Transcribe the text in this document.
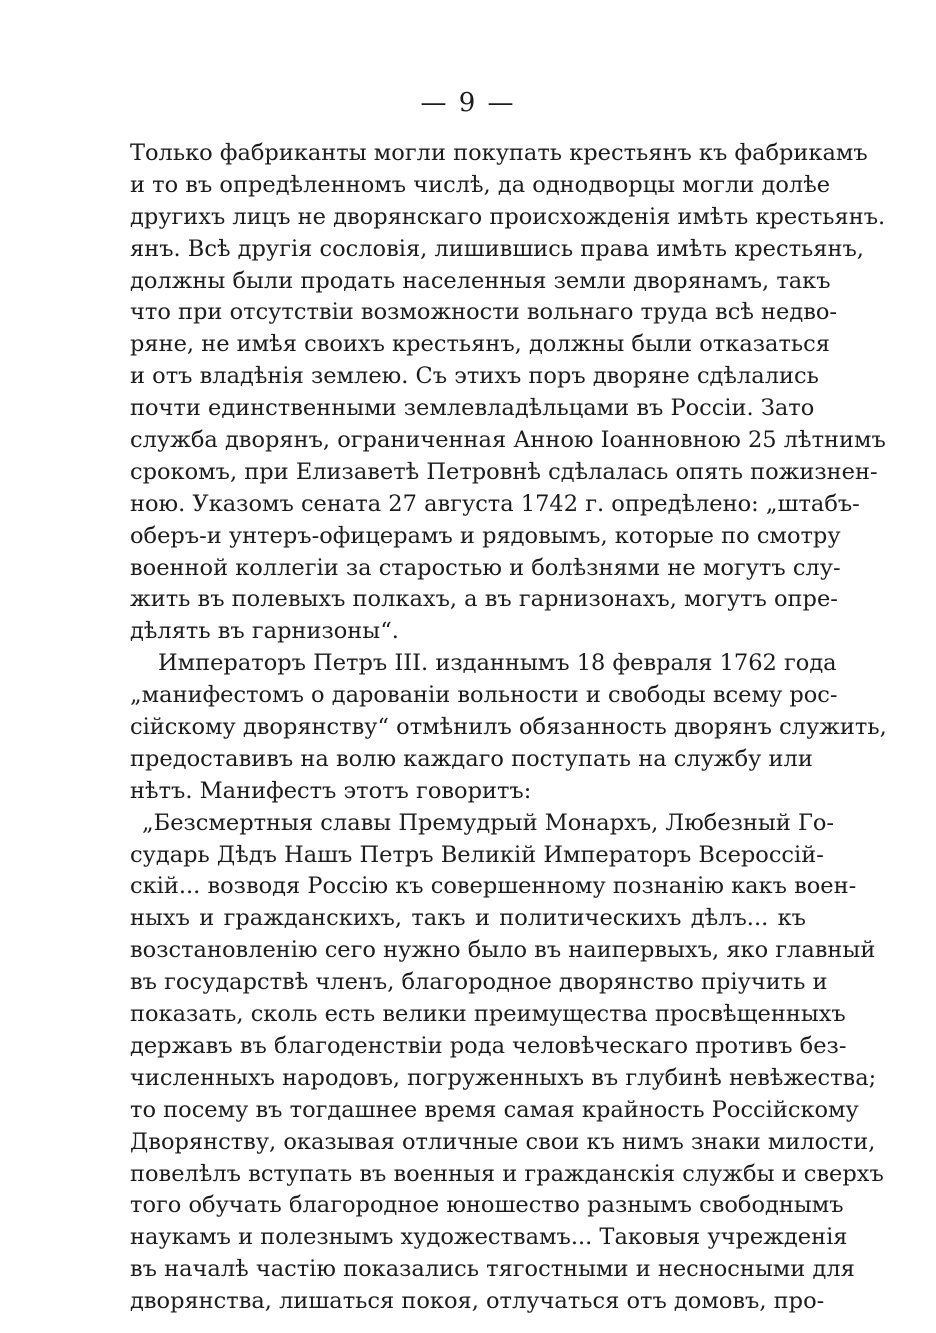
— 9 —
Только фабриканты могли покупать крестьянъ къ фабрикамъ
и то въ опредѣленномъ числѣ, да однодворцы могли долѣе
другихъ лицъ не дворянскаго происхожденія имѣть крестьянъ.
янъ. Всѣ другія сословія, лишившись права имѣть крестьянъ,
должны были продать населенныя земли дворянамъ, такъ
что при отсутствіи возможности вольнаго труда всѣ недво-
ряне, не имѣя своихъ крестьянъ, должны были отказаться
и отъ владѣнія землею. Съ этихъ поръ дворяне сдѣлались
почти единственными землевладѣльцами въ Россіи. Зато
служба дворянъ, ограниченная Анною Іоанновною 25 лѣтнимъ
срокомъ, при Елизаветѣ Петровнѣ сдѣлалась опять пожизнен-
ною. Указомъ сената 27 августа 1742 г. опредѣлено: „штабъ-
оберъ-и унтеръ-офицерамъ и рядовымъ, которые по смотру
военной коллегіи за старостью и болѣзнями не могутъ слу-
жить въ полевыхъ полкахъ, а въ гарнизонахъ, могутъ опре-
дѣлять въ гарнизоны“.
Императоръ Петръ III. изданнымъ 18 февраля 1762 года
„манифестомъ о дарованіи вольности и свободы всему рос-
сійскому дворянству“ отмѣнилъ обязанность дворянъ служить,
предоставивъ на волю каждаго поступать на службу или
нѣтъ. Манифестъ этотъ говоритъ:
„Безсмертныя славы Премудрый Монархъ, Любезный Го-
сударь Дѣдъ Нашъ Петръ Великій Императоръ Всероссій-
скій... возводя Россію къ совершенному познанію какъ воен-
ныхъ и гражданскихъ, такъ и политическихъ дѣлъ... къ
возстановленію сего нужно было въ наипервыхъ, яко главный
въ государствѣ членъ, благородное дворянство пріучить и
показать, сколь есть велики преимущества просвѣщенныхъ
державъ въ благоденствіи рода человѣческаго противъ без-
численныхъ народовъ, погруженныхъ въ глубинѣ невѣжества;
то посему въ тогдашнее время самая крайность Россійскому
Дворянству, оказывая отличные свои къ нимъ знаки милости,
повелѣлъ вступать въ военныя и гражданскія службы и сверхъ
того обучать благородное юношество разнымъ свободнымъ
наукамъ и полезнымъ художествамъ... Таковыя учрежденія
въ началѣ частію показались тягостными и несносными для
дворянства, лишаться покоя, отлучаться отъ домовъ, про-
